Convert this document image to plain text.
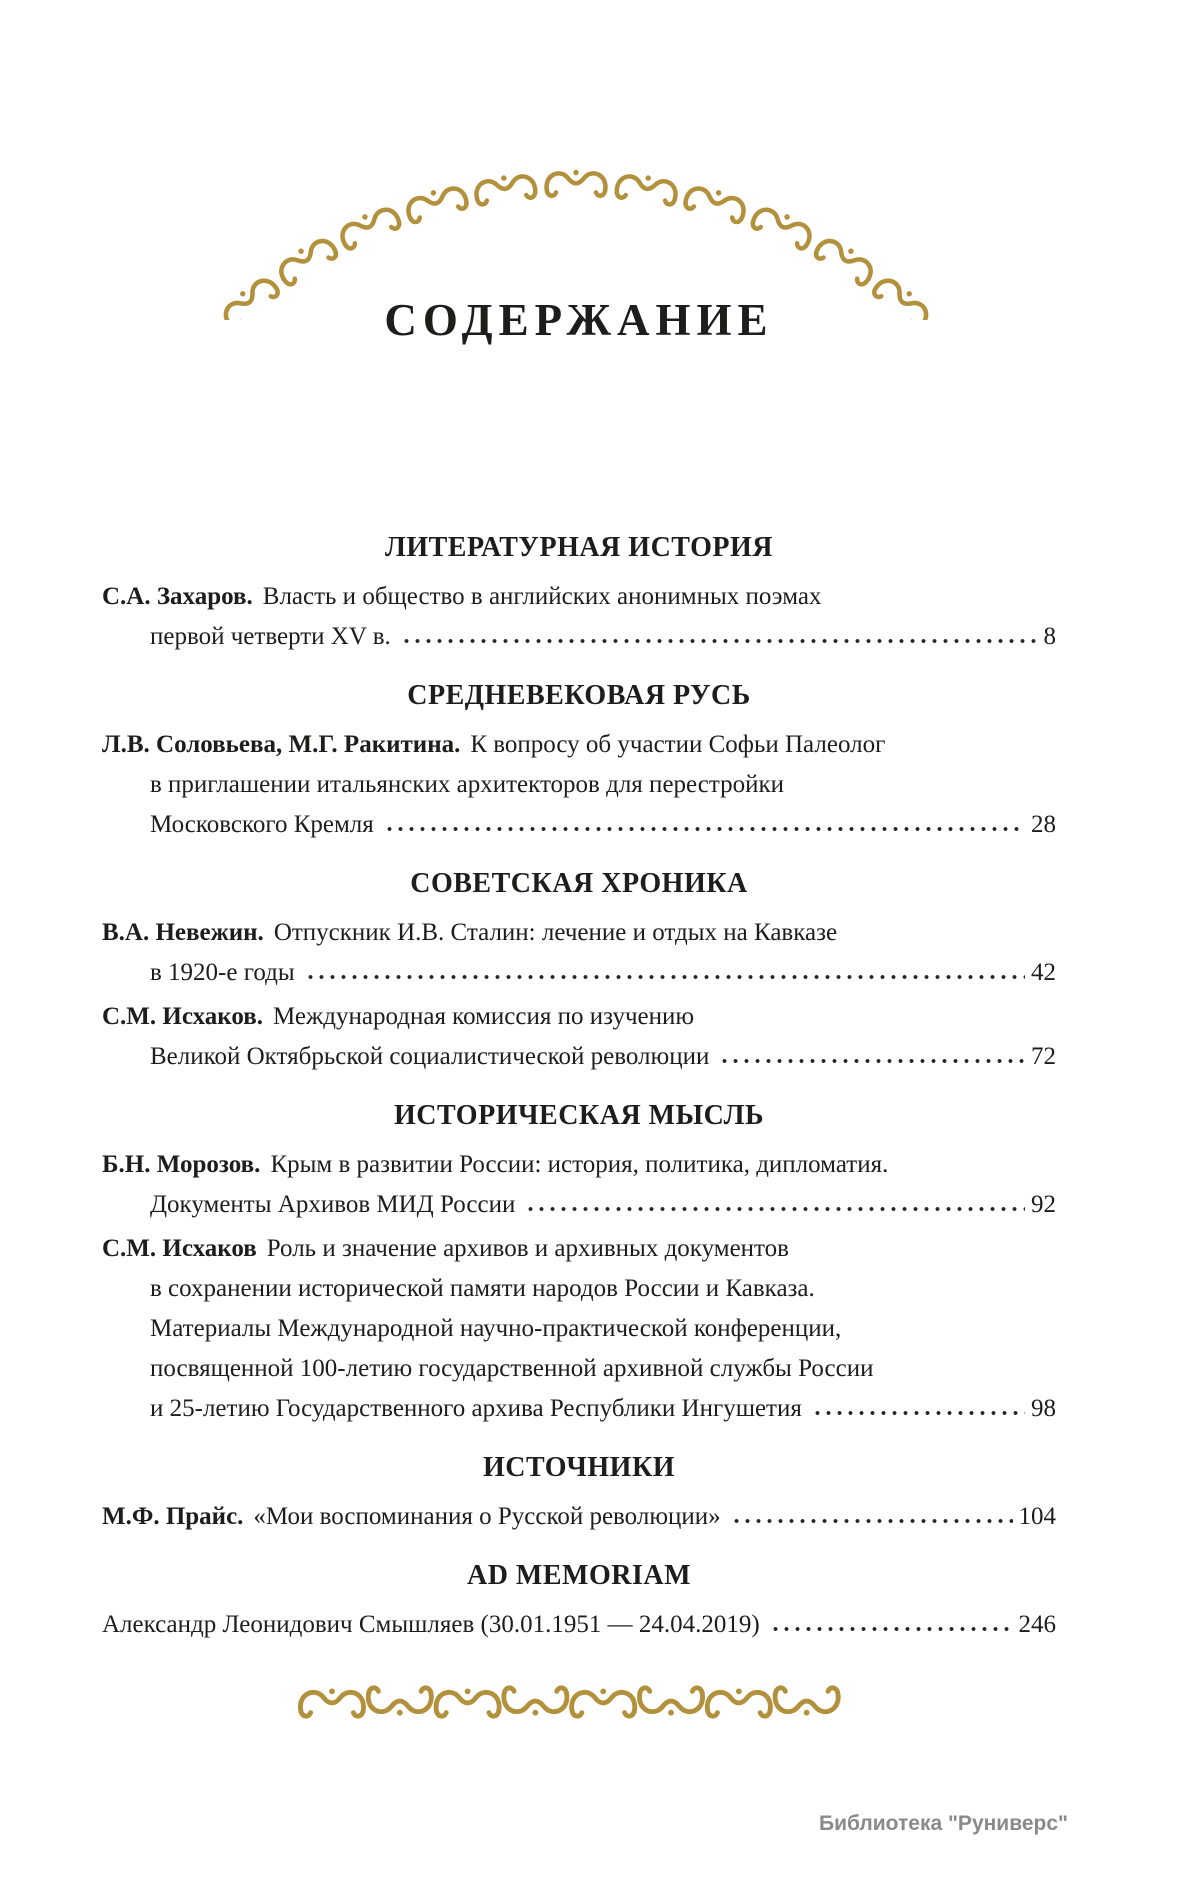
СОДЕРЖАНИЕ
ЛИТЕРАТУРНАЯ ИСТОРИЯ
С.А. Захаров. Власть и общество в английских анонимных поэмах
первой четверти XV в.	8
СРЕДНЕВЕКОВАЯ РУСЬ
Л.В. Соловьева, М.Г. Ракитина. К вопросу об участии Софьи Палеолог
в приглашении итальянских архитекторов для перестройки
Московского Кремля	28
СОВЕТСКАЯ ХРОНИКА
В.А. Невежин. Отпускник И.В. Сталин: лечение и отдых на Кавказе
в 1920-е годы	42
С.М. Исхаков. Международная комиссия по изучению
Великой Октябрьской социалистической революции	72
ИСТОРИЧЕСКАЯ МЫСЛЬ
Б.Н. Морозов. Крым в развитии России: история, политика, дипломатия.
Документы Архивов МИД России	92
С.М. Исхаков Роль и значение архивов и архивных документов
в сохранении исторической памяти народов России и Кавказа.
Материалы Международной научно-практической конференции,
посвященной 100-летию государственной архивной службы России
и 25-летию Государственного архива Республики Ингушетия	98
ИСТОЧНИКИ
М.Ф. Прайс. «Мои воспоминания о Русской революции»	104
AD MEMORIAM
Александр Леонидович Смышляев (30.01.1951 — 24.04.2019)	246
Библиотека "Руниверс"
